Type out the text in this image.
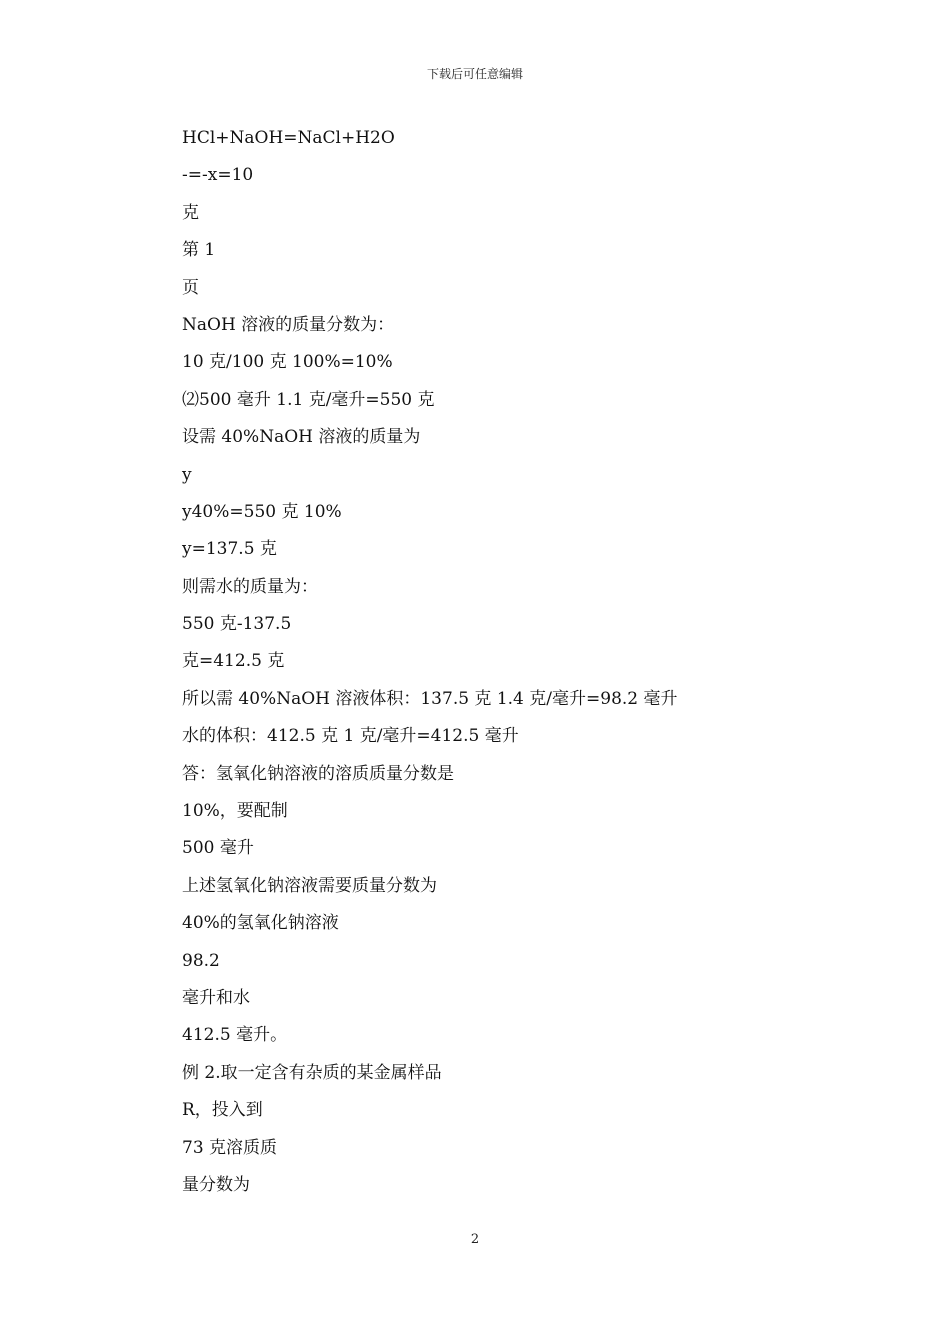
下载后可任意编辑
HCl+NaOH=NaCl+H2O
-=-x=10
克
第 1
页
NaOH 溶液的质量分数为：
10 克/100 克 100%=10%
⑵500 毫升 1.1 克/毫升=550 克
设需 40%NaOH 溶液的质量为
y
y40%=550 克 10%
y=137.5 克
则需水的质量为：
550 克-137.5
克=412.5 克
所以需 40%NaOH 溶液体积：137.5 克 1.4 克/毫升=98.2 毫升
水的体积：412.5 克 1 克/毫升=412.5 毫升
答：氢氧化钠溶液的溶质质量分数是
10%，要配制
500 毫升
上述氢氧化钠溶液需要质量分数为
40%的氢氧化钠溶液
98.2
毫升和水
412.5 毫升。
例 2.取一定含有杂质的某金属样品
R，投入到
73 克溶质质
量分数为
2
